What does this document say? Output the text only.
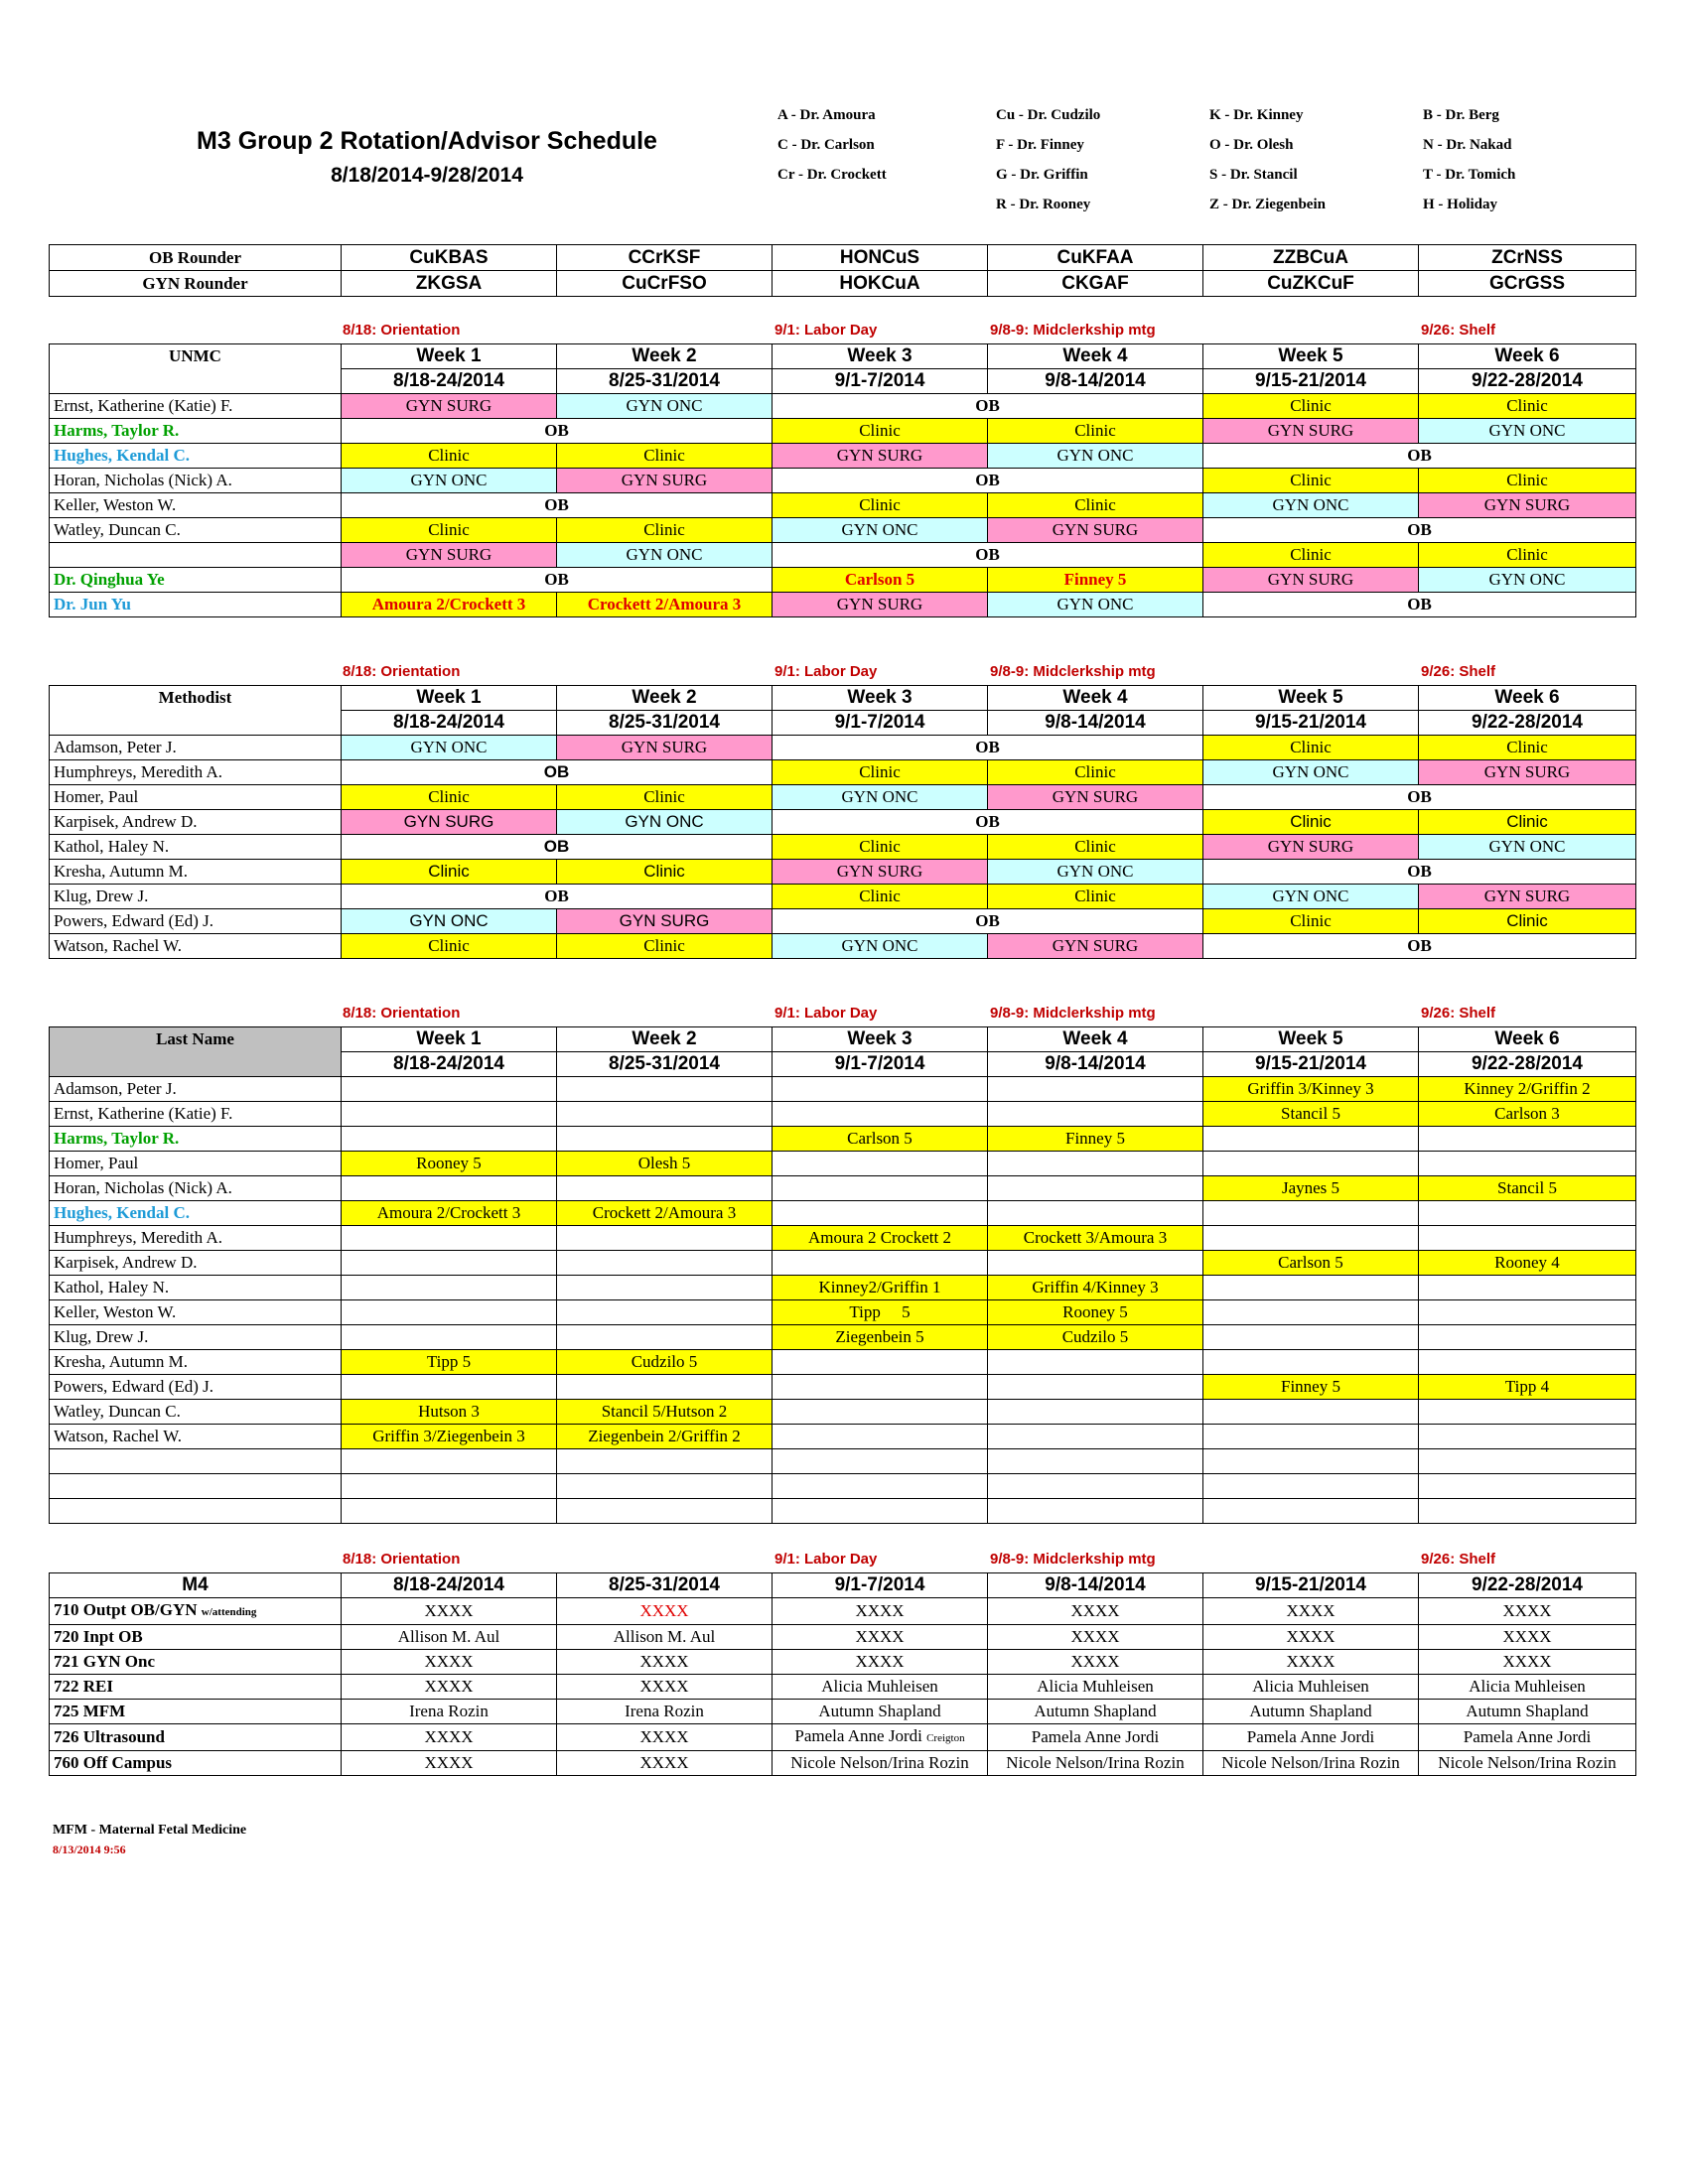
M3 Group 2 Rotation/Advisor Schedule
8/18/2014-9/28/2014
A - Dr. Amoura	Cu - Dr. Cudzilo	K - Dr. Kinney	B - Dr. Berg
C - Dr. Carlson	F - Dr. Finney	O - Dr. Olesh	N - Dr. Nakad
Cr - Dr. Crockett	G - Dr. Griffin	S - Dr. Stancil	T - Dr. Tomich
R - Dr. Rooney	Z - Dr. Ziegenbein	H - Holiday
OB Rounder	CuKBAS	CCrKSF	HONCuS	CuKFAA	ZZBCuA	ZCrNSS
GYN Rounder	ZKGSA	CuCrFSO	HOKCuA	CKGAF	CuZKCuF	GCrGSS
8/18: Orientation	9/1: Labor Day	9/8-9: Midclerkship mtg	9/26: Shelf
UNMC	Week 1	Week 2	Week 3	Week 4	Week 5	Week 6
	8/18-24/2014	8/25-31/2014	9/1-7/2014	9/8-14/2014	9/15-21/2014	9/22-28/2014
Ernst, Katherine (Katie) F.	GYN SURG	GYN ONC	OB		Clinic	Clinic
Harms, Taylor R.	OB		Clinic	Clinic	GYN SURG	GYN ONC
Hughes, Kendal C.	Clinic	Clinic	GYN SURG	GYN ONC	OB	
Horan, Nicholas (Nick) A.	GYN ONC	GYN SURG	OB		Clinic	Clinic
Keller, Weston W.	OB		Clinic	Clinic	GYN ONC	GYN SURG
Watley, Duncan C.	Clinic	Clinic	GYN ONC	GYN SURG	OB	
	GYN SURG	GYN ONC	OB		Clinic	Clinic
Dr. Qinghua Ye	OB		Carlson 5	Finney 5	GYN SURG	GYN ONC
Dr. Jun Yu	Amoura 2/Crockett 3	Crockett 2/Amoura 3	GYN SURG	GYN ONC	OB	
8/18: Orientation	9/1: Labor Day	9/8-9: Midclerkship mtg	9/26: Shelf
Methodist	Week 1	Week 2	Week 3	Week 4	Week 5	Week 6
	8/18-24/2014	8/25-31/2014	9/1-7/2014	9/8-14/2014	9/15-21/2014	9/22-28/2014
Adamson, Peter J.	GYN ONC	GYN SURG	OB		Clinic	Clinic
Humphreys, Meredith A.	OB		Clinic	Clinic	GYN ONC	GYN SURG
Homer, Paul	Clinic	Clinic	GYN ONC	GYN SURG	OB	
Karpisek, Andrew D.	GYN SURG	GYN ONC	OB		Clinic	Clinic
Kathol, Haley N.	OB		Clinic	Clinic	GYN SURG	GYN ONC
Kresha, Autumn M.	Clinic	Clinic	GYN SURG	GYN ONC	OB	
Klug, Drew J.	OB		Clinic	Clinic	GYN ONC	GYN SURG
Powers, Edward (Ed) J.	GYN ONC	GYN SURG	OB		Clinic	Clinic
Watson, Rachel W.	Clinic	Clinic	GYN ONC	GYN SURG	OB	
8/18: Orientation	9/1: Labor Day	9/8-9: Midclerkship mtg	9/26: Shelf
Last Name	Week 1	Week 2	Week 3	Week 4	Week 5	Week 6
	8/18-24/2014	8/25-31/2014	9/1-7/2014	9/8-14/2014	9/15-21/2014	9/22-28/2014
Adamson, Peter J.					Griffin 3/Kinney 3	Kinney 2/Griffin 2
Ernst, Katherine (Katie) F.					Stancil 5	Carlson 3
Harms, Taylor R.			Carlson 5	Finney 5		
Homer, Paul	Rooney 5	Olesh 5				
Horan, Nicholas (Nick) A.					Jaynes 5	Stancil 5
Hughes, Kendal C.	Amoura 2/Crockett 3	Crockett 2/Amoura 3				
Humphreys, Meredith A.			Amoura 2 Crockett 2	Crockett 3/Amoura 3		
Karpisek, Andrew D.					Carlson 5	Rooney 4
Kathol, Haley N.			Kinney2/Griffin 1	Griffin 4/Kinney 3		
Keller, Weston W.			Tipp     5	Rooney 5		
Klug, Drew J.			Ziegenbein 5	Cudzilo 5		
Kresha, Autumn M.	Tipp 5	Cudzilo 5				
Powers, Edward (Ed) J.					Finney 5	Tipp 4
Watley, Duncan C.	Hutson 3	Stancil 5/Hutson 2				
Watson, Rachel W.	Griffin 3/Ziegenbein 3	Ziegenbein 2/Griffin 2				

8/18: Orientation	9/1: Labor Day	9/8-9: Midclerkship mtg	9/26: Shelf
M4	8/18-24/2014	8/25-31/2014	9/1-7/2014	9/8-14/2014	9/15-21/2014	9/22-28/2014
710 Outpt OB/GYN w/attending	XXXX	XXXX	XXXX	XXXX	XXXX	XXXX
720 Inpt OB	Allison M. Aul	Allison M. Aul	XXXX	XXXX	XXXX	XXXX
721 GYN Onc	XXXX	XXXX	XXXX	XXXX	XXXX	XXXX
722 REI	XXXX	XXXX	Alicia Muhleisen	Alicia Muhleisen	Alicia Muhleisen	Alicia Muhleisen
725 MFM	Irena Rozin	Irena Rozin	Autumn Shapland	Autumn Shapland	Autumn Shapland	Autumn Shapland
726 Ultrasound	XXXX	XXXX	Pamela Anne Jordi Creigton	Pamela Anne Jordi	Pamela Anne Jordi	Pamela Anne Jordi
760 Off Campus	XXXX	XXXX	Nicole Nelson/Irina Rozin	Nicole Nelson/Irina Rozin	Nicole Nelson/Irina Rozin	Nicole Nelson/Irina Rozin
MFM - Maternal Fetal Medicine
8/13/2014 9:56
